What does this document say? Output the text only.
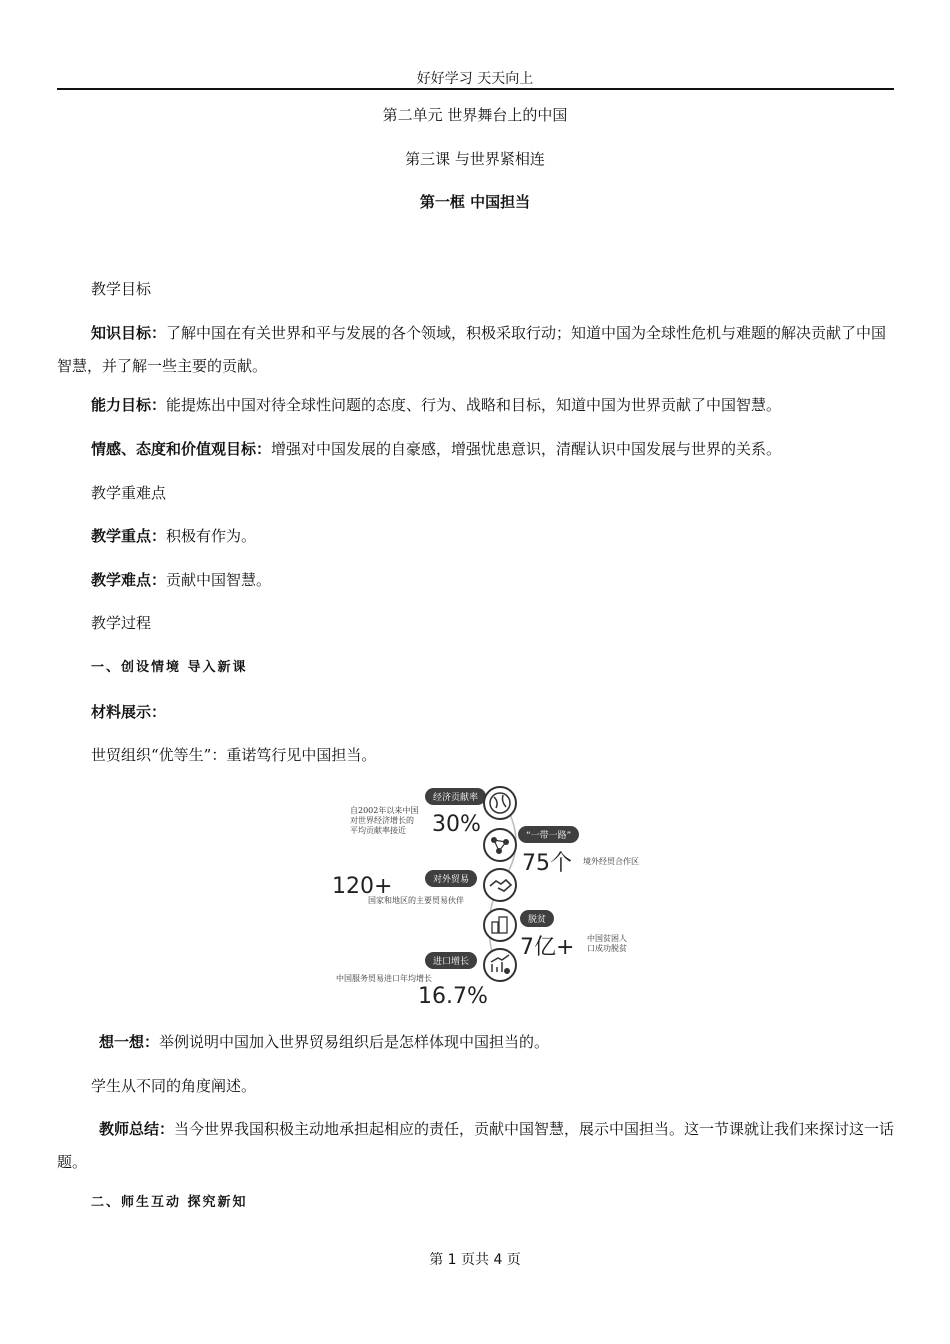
好好学习 天天向上
第二单元 世界舞台上的中国
第三课 与世界紧相连
第一框 中国担当
教学目标
知识目标：了解中国在有关世界和平与发展的各个领域，积极采取行动；知道中国为全球性危机与难题的解决贡献了中国智慧，并了解一些主要的贡献。
能力目标：能提炼出中国对待全球性问题的态度、行为、战略和目标，知道中国为世界贡献了中国智慧。
情感、态度和价值观目标：增强对中国发展的自豪感，增强忧患意识，清醒认识中国发展与世界的关系。
教学重难点
教学重点：积极有作为。
教学难点：贡献中国智慧。
教学过程
一、创设情境 导入新课
材料展示：
世贸组织“优等生”：重诺笃行见中国担当。
经济贡献率
自2002年以来中国
对世界经济增长的
平均贡献率接近 30%	“一带一路”
75个 境外经贸合作区
对外贸易
120+
国家和地区的主要贸易伙伴
脱贫
7亿+ 中国贫困人
口成功脱贫
进口增长
中国服务贸易进口年均增长
16.7%
想一想：举例说明中国加入世界贸易组织后是怎样体现中国担当的。
学生从不同的角度阐述。
教师总结：当今世界我国积极主动地承担起相应的责任，贡献中国智慧，展示中国担当。这一节课就让我们来探讨这一话题。
二、师生互动 探究新知
第 1 页共 4 页
